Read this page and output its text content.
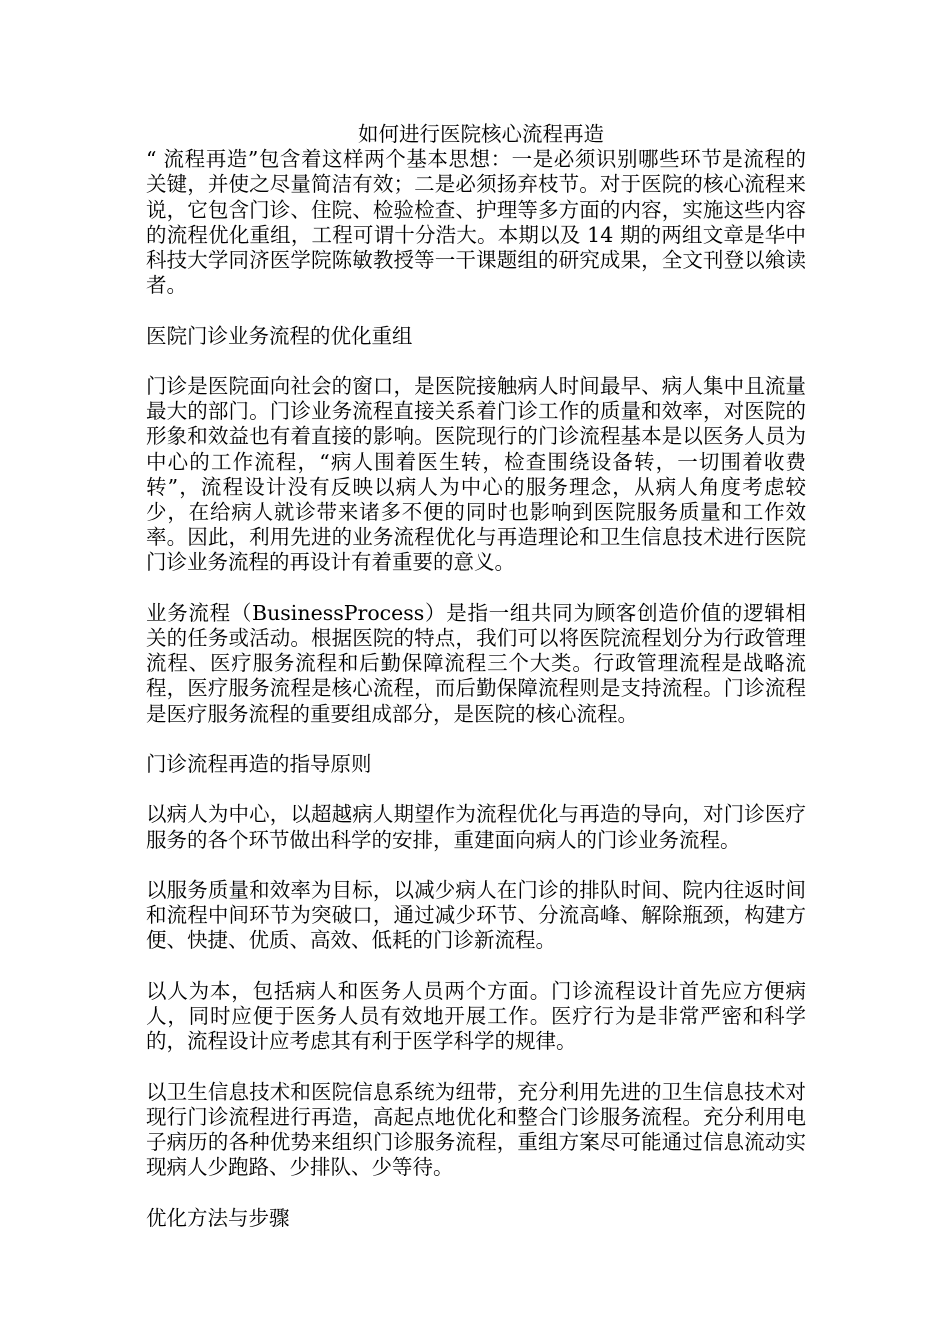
如何进行医院核心流程再造

“ 流程再造”包含着这样两个基本思想：一是必须识别哪些环节是流程的关键，并使之尽量简洁有效；二是必须扬弃枝节。对于医院的核心流程来说，它包含门诊、住院、检验检查、护理等多方面的内容，实施这些内容的流程优化重组，工程可谓十分浩大。本期以及 14 期的两组文章是华中科技大学同济医学院陈敏教授等一干课题组的研究成果，全文刊登以飨读者。

医院门诊业务流程的优化重组

门诊是医院面向社会的窗口，是医院接触病人时间最早、病人集中且流量最大的部门。门诊业务流程直接关系着门诊工作的质量和效率，对医院的形象和效益也有着直接的影响。医院现行的门诊流程基本是以医务人员为中心的工作流程，“病人围着医生转，检查围绕设备转，一切围着收费转”，流程设计没有反映以病人为中心的服务理念，从病人角度考虑较少，在给病人就诊带来诸多不便的同时也影响到医院服务质量和工作效率。因此，利用先进的业务流程优化与再造理论和卫生信息技术进行医院门诊业务流程的再设计有着重要的意义。

业务流程（BusinessProcess）是指一组共同为顾客创造价值的逻辑相关的任务或活动。根据医院的特点，我们可以将医院流程划分为行政管理流程、医疗服务流程和后勤保障流程三个大类。行政管理流程是战略流程，医疗服务流程是核心流程，而后勤保障流程则是支持流程。门诊流程是医疗服务流程的重要组成部分，是医院的核心流程。

门诊流程再造的指导原则

以病人为中心，以超越病人期望作为流程优化与再造的导向，对门诊医疗服务的各个环节做出科学的安排，重建面向病人的门诊业务流程。

以服务质量和效率为目标，以减少病人在门诊的排队时间、院内往返时间和流程中间环节为突破口，通过减少环节、分流高峰、解除瓶颈，构建方便、快捷、优质、高效、低耗的门诊新流程。

以人为本，包括病人和医务人员两个方面。门诊流程设计首先应方便病人，同时应便于医务人员有效地开展工作。医疗行为是非常严密和科学的，流程设计应考虑其有利于医学科学的规律。

以卫生信息技术和医院信息系统为纽带，充分利用先进的卫生信息技术对现行门诊流程进行再造，高起点地优化和整合门诊服务流程。充分利用电子病历的各种优势来组织门诊服务流程，重组方案尽可能通过信息流动实现病人少跑路、少排队、少等待。

优化方法与步骤
